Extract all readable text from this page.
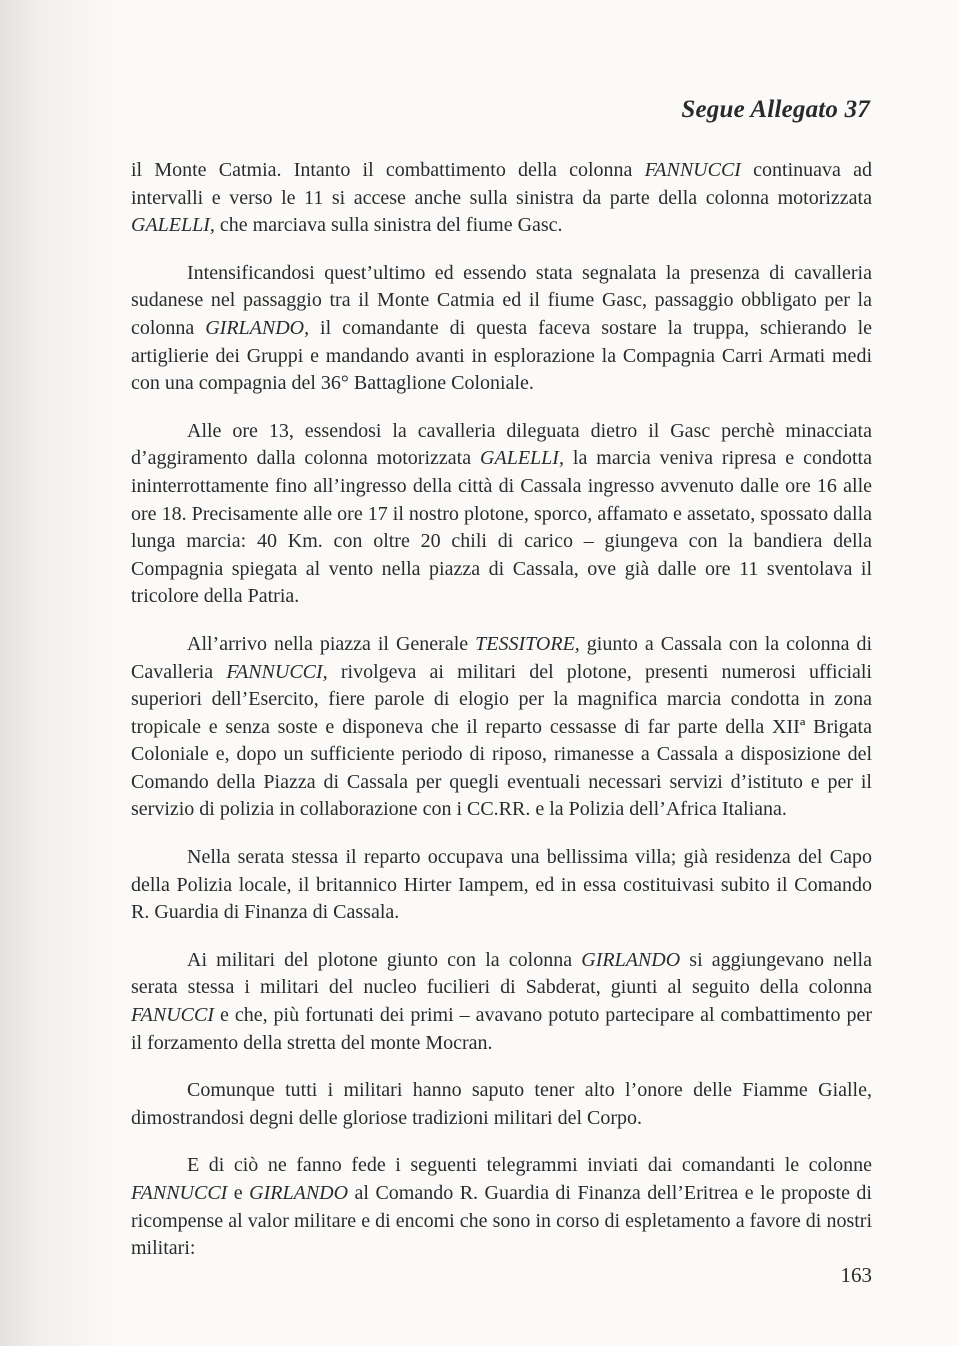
Segue Allegato 37

il Monte Catmia. Intanto il combattimento della colonna FANNUCCI continuava ad intervalli e verso le 11 si accese anche sulla sinistra da parte della colonna motorizzata GALELLI, che marciava sulla sinistra del fiume Gasc.

Intensificandosi quest’ultimo ed essendo stata segnalata la presenza di cavalleria sudanese nel passaggio tra il Monte Catmia ed il fiume Gasc, passaggio obbligato per la colonna GIRLANDO, il comandante di questa faceva sostare la truppa, schierando le artiglierie dei Gruppi e mandando avanti in esplorazione la Compagnia Carri Armati medi con una compagnia del 36° Battaglione Coloniale.

Alle ore 13, essendosi la cavalleria dileguata dietro il Gasc perchè minacciata d’aggiramento dalla colonna motorizzata GALELLI, la marcia veniva ripresa e condotta ininterrottamente fino all’ingresso della città di Cassala ingresso avvenuto dalle ore 16 alle ore 18. Precisamente alle ore 17 il nostro plotone, sporco, affamato e assetato, spossato dalla lunga marcia: 40 Km. con oltre 20 chili di carico – giungeva con la bandiera della Compagnia spiegata al vento nella piazza di Cassala, ove già dalle ore 11 sventolava il tricolore della Patria.

All’arrivo nella piazza il Generale TESSITORE, giunto a Cassala con la colonna di Cavalleria FANNUCCI, rivolgeva ai militari del plotone, presenti numerosi ufficiali superiori dell’Esercito, fiere parole di elogio per la magnifica marcia condotta in zona tropicale e senza soste e disponeva che il reparto cessasse di far parte della XIIª Brigata Coloniale e, dopo un sufficiente periodo di riposo, rimanesse a Cassala a disposizione del Comando della Piazza di Cassala per quegli eventuali necessari servizi d’istituto e per il servizio di polizia in collaborazione con i CC.RR. e la Polizia dell’Africa Italiana.

Nella serata stessa il reparto occupava una bellissima villa; già residenza del Capo della Polizia locale, il britannico Hirter Iampem, ed in essa costituivasi subito il Comando R. Guardia di Finanza di Cassala.

Ai militari del plotone giunto con la colonna GIRLANDO si aggiungevano nella serata stessa i militari del nucleo fucilieri di Sabderat, giunti al seguito della colonna FANUCCI e che, più fortunati dei primi – avavano potuto partecipare al combattimento per il forzamento della stretta del monte Mocran.

Comunque tutti i militari hanno saputo tener alto l’onore delle Fiamme Gialle, dimostrandosi degni delle gloriose tradizioni militari del Corpo.

E di ciò ne fanno fede i seguenti telegrammi inviati dai comandanti le colonne FANNUCCI e GIRLANDO al Comando R. Guardia di Finanza dell’Eritrea e le proposte di ricompense al valor militare e di encomi che sono in corso di espletamento a favore di nostri militari:

163
